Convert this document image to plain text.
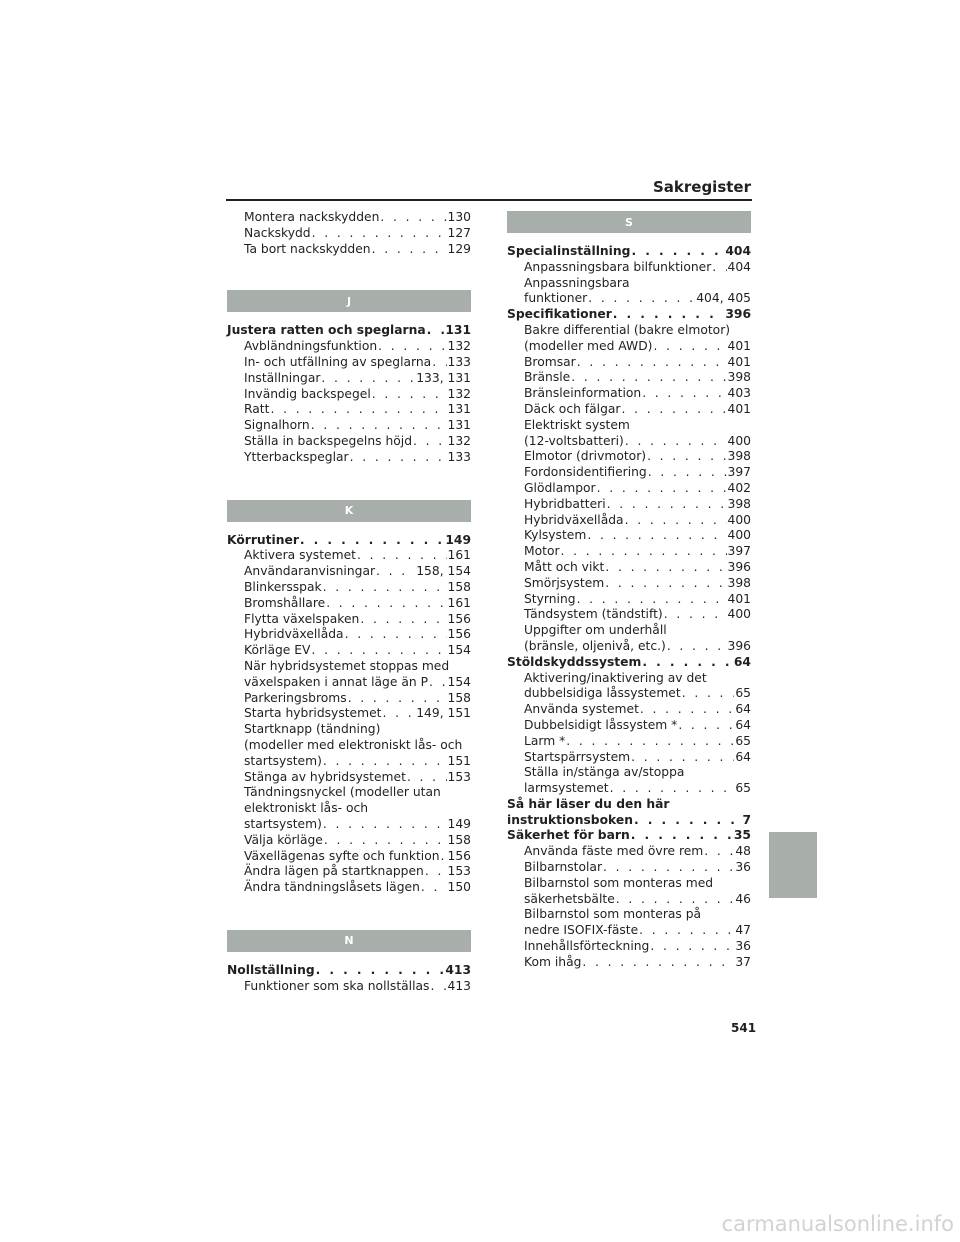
Sakregister
Montera nackskydden . . .	130
Nackskydd . . .	127
Ta bort nackskydden . . .	129
J
Justera ratten och speglarna . . . 131
Avbländningsfunktion . . .	132
In- och utfällning av speglarna . . . 133
Inställningar . . .	133, 131
Invändig backspegel . . .	132
Ratt . . .	131
Signalhorn . . .	131
Ställa in backspegelns höjd . . .	132
Ytterbackspeglar . . .	133
K
Körrutiner . . .	149
Aktivera systemet . . .	161
Användaranvisningar . . .	158, 154
Blinkersspak . . .	158
Bromshållare . . .	161
Flytta växelspaken . . .	156
Hybridväxellåda . . .	156
Körläge EV . . .	154
När hybridsystemet stoppas med
växelspaken i annat läge än P . . . 154
Parkeringsbroms . . .	158
Starta hybridsystemet . . .	149, 151
Startknapp (tändning)
(modeller med elektroniskt lås- och
startsystem) . . .	151
Stänga av hybridsystemet . . .	153
Tändningsnyckel (modeller utan
elektroniskt lås- och
startsystem) . . .	149
Välja körläge . . .	158
Växellägenas syfte och funktion . . . 156
Ändra lägen på startknappen . . . 153
Ändra tändningslåsets lägen . . . 150
N
Nollställning . . .	413
Funktioner som ska nollställas . . . 413
S
Specialinställning . . .	404
Anpassningsbara bilfunktioner . . . 404
Anpassningsbara
funktioner . . .	404, 405
Specifikationer . . .	396
Bakre differential (bakre elmotor)
(modeller med AWD) . . .	401
Bromsar . . .	401
Bränsle . . .	398
Bränsleinformation . . .	403
Däck och fälgar . . .	401
Elektriskt system
(12-voltsbatteri) . . .	400
Elmotor (drivmotor) . . .	398
Fordonsidentifiering . . .	397
Glödlampor . . .	402
Hybridbatteri . . .	398
Hybridväxellåda . . .	400
Kylsystem . . .	400
Motor . . .	397
Mått och vikt . . .	396
Smörjsystem . . .	398
Styrning . . .	401
Tändsystem (tändstift) . . .	400
Uppgifter om underhåll
(bränsle, oljenivå, etc.) . . .	396
Stöldskyddssystem . . .	64
Aktivering/inaktivering av det
dubbelsidiga låssystemet . . .	65
Använda systemet . . .	64
Dubbelsidigt låssystem * . . .	64
Larm * . . .	65
Startspärrsystem . . .	64
Ställa in/stänga av/stoppa
larmsystemet . . .	65
Så här läser du den här
instruktionsboken . . .	7
Säkerhet för barn . . .	35
Använda fäste med övre rem . . .	48
Bilbarnstolar . . .	36
Bilbarnstol som monteras med
säkerhetsbälte . . .	46
Bilbarnstol som monteras på
nedre ISOFIX-fäste . . .	47
Innehållsförteckning . . .	36
Kom ihåg . . .	37
541
carmanualsonline.info
